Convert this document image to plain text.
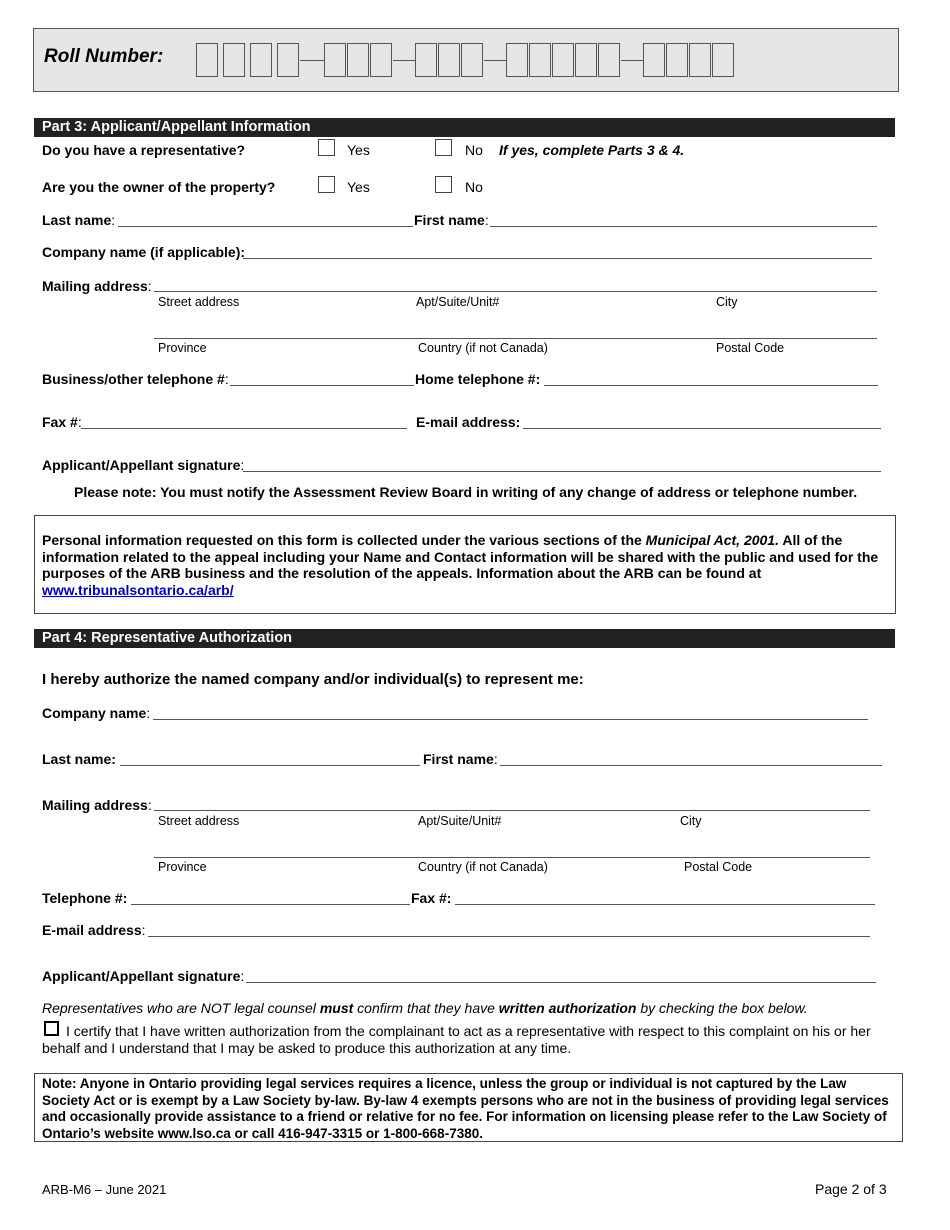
Roll Number:
Part 3: Applicant/Appellant Information
Do you have a representative?	Yes	No If yes, complete Parts 3 & 4.
Are you the owner of the property?	Yes	No
Last name:	First name:
Company name (if applicable):
Mailing address:
Street address	Apt/Suite/Unit#	City
Province	Country (if not Canada)	Postal Code
Business/other telephone #:	Home telephone #:
Fax #:	E-mail address:
Applicant/Appellant signature:
Please note: You must notify the Assessment Review Board in writing of any change of address or telephone number.
Personal information requested on this form is collected under the various sections of the Municipal Act, 2001. All of the information related to the appeal including your Name and Contact information will be shared with the public and used for the purposes of the ARB business and the resolution of the appeals. Information about the ARB can be found at
www.tribunalsontario.ca/arb/
Part 4: Representative Authorization
I hereby authorize the named company and/or individual(s) to represent me:
Company name:
Last name:	First name:
Mailing address:
Street address	Apt/Suite/Unit#	City
Province	Country (if not Canada)	Postal Code
Telephone #:	Fax #:
E-mail address:
Applicant/Appellant signature:
Representatives who are NOT legal counsel must confirm that they have written authorization by checking the box below.
I certify that I have written authorization from the complainant to act as a representative with respect to this complaint on his or her behalf and I understand that I may be asked to produce this authorization at any time.
Note: Anyone in Ontario providing legal services requires a licence, unless the group or individual is not captured by the Law Society Act or is exempt by a Law Society by-law. By-law 4 exempts persons who are not in the business of providing legal services and occasionally provide assistance to a friend or relative for no fee. For information on licensing please refer to the Law Society of Ontario’s website www.lso.ca or call 416-947-3315 or 1-800-668-7380.
ARB-M6 – June 2021	Page 2 of 3
